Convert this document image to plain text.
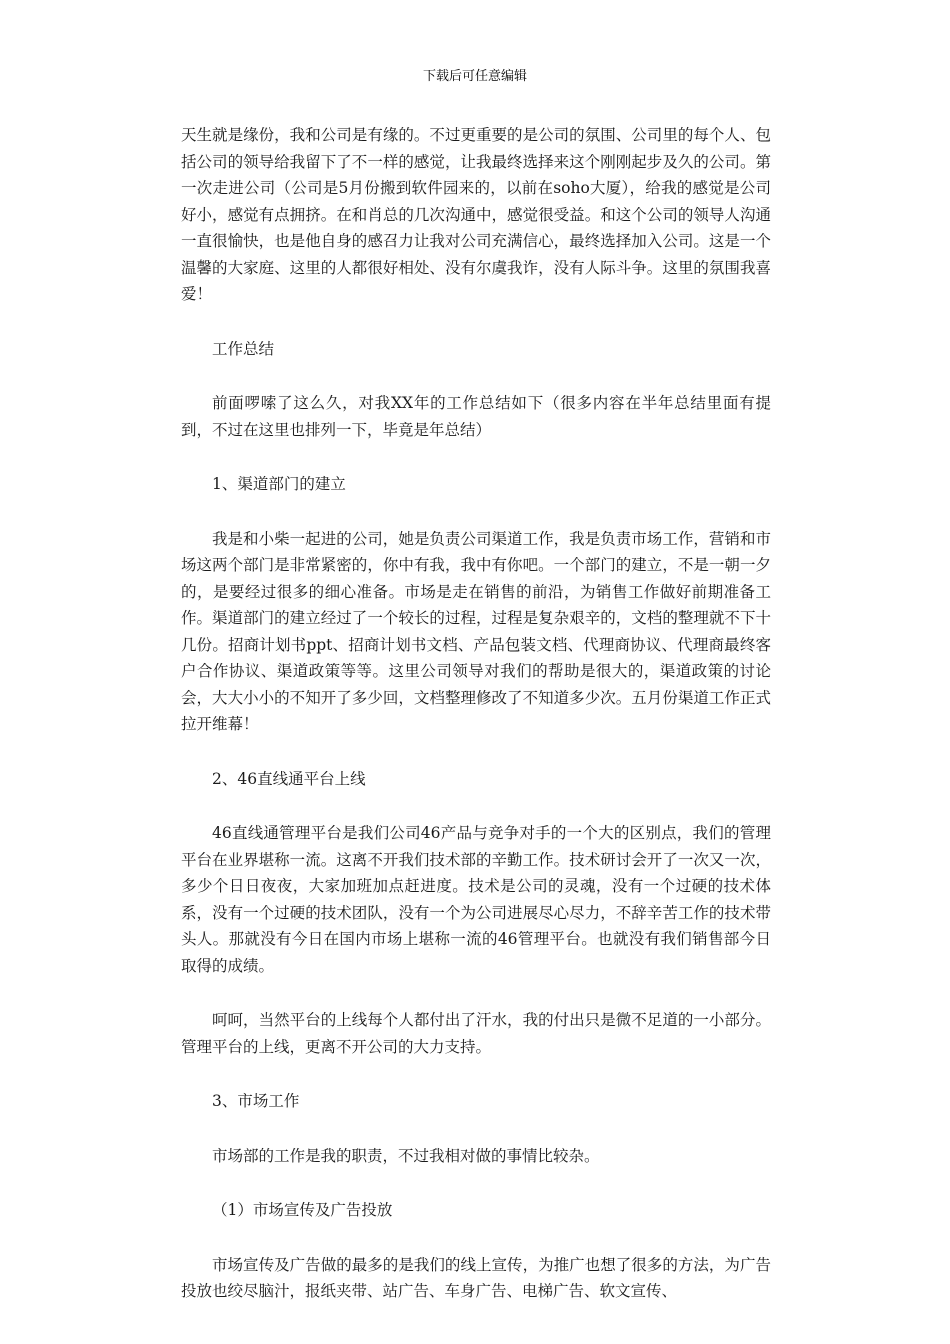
下载后可任意编辑

天生就是缘份，我和公司是有缘的。不过更重要的是公司的氛围、公司里的每个人、包括公司的领导给我留下了不一样的感觉，让我最终选择来这个刚刚起步及久的公司。第一次走进公司（公司是5月份搬到软件园来的，以前在soho大厦），给我的感觉是公司好小，感觉有点拥挤。在和肖总的几次沟通中，感觉很受益。和这个公司的领导人沟通一直很愉快，也是他自身的感召力让我对公司充满信心，最终选择加入公司。这是一个温馨的大家庭、这里的人都很好相处、没有尔虞我诈，没有人际斗争。这里的氛围我喜爱！

工作总结

前面啰嗦了这么久，对我XX年的工作总结如下（很多内容在半年总结里面有提到，不过在这里也排列一下，毕竟是年总结）

1、渠道部门的建立

我是和小柴一起进的公司，她是负责公司渠道工作，我是负责市场工作，营销和市场这两个部门是非常紧密的，你中有我，我中有你吧。一个部门的建立，不是一朝一夕的，是要经过很多的细心准备。市场是走在销售的前沿，为销售工作做好前期准备工作。渠道部门的建立经过了一个较长的过程，过程是复杂艰辛的，文档的整理就不下十几份。招商计划书ppt、招商计划书文档、产品包装文档、代理商协议、代理商最终客户合作协议、渠道政策等等。这里公司领导对我们的帮助是很大的，渠道政策的讨论会，大大小小的不知开了多少回，文档整理修改了不知道多少次。五月份渠道工作正式拉开维幕！

2、46直线通平台上线

46直线通管理平台是我们公司46产品与竞争对手的一个大的区别点，我们的管理平台在业界堪称一流。这离不开我们技术部的辛勤工作。技术研讨会开了一次又一次，多少个日日夜夜，大家加班加点赶进度。技术是公司的灵魂，没有一个过硬的技术体系，没有一个过硬的技术团队，没有一个为公司进展尽心尽力，不辞辛苦工作的技术带头人。那就没有今日在国内市场上堪称一流的46管理平台。也就没有我们销售部今日取得的成绩。

呵呵，当然平台的上线每个人都付出了汗水，我的付出只是微不足道的一小部分。管理平台的上线，更离不开公司的大力支持。

3、市场工作

市场部的工作是我的职责，不过我相对做的事情比较杂。

（1）市场宣传及广告投放

市场宣传及广告做的最多的是我们的线上宣传，为推广也想了很多的方法，为广告投放也绞尽脑汁，报纸夹带、站广告、车身广告、电梯广告、软文宣传、
